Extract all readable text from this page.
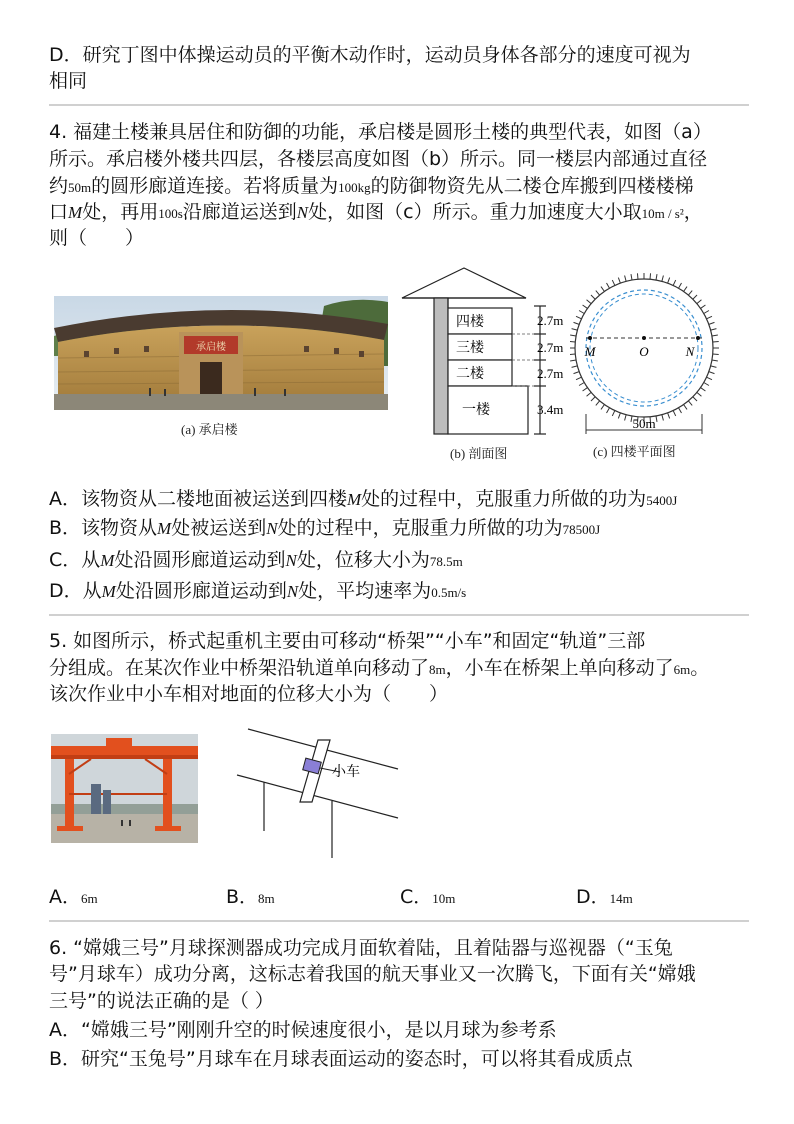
D．研究丁图中体操运动员的平衡木动作时，运动员身体各部分的速度可视为
相同
4. 福建土楼兼具居住和防御的功能，承启楼是圆形土楼的典型代表，如图（a）
所示。承启楼外楼共四层，各楼层高度如图（b）所示。同一楼层内部通过直径
约50m的圆形廊道连接。若将质量为100kg的防御物资先从二楼仓库搬到四楼楼梯
口M处，再用100s沿廊道运送到N处，如图（c）所示。重力加速度大小取10m / s²，
则（　　）
承启楼
(a) 承启楼
四楼
三楼
二楼
一楼
2.7m
2.7m
2.7m
3.4m
(b) 剖面图
M	O	N
50m
(c) 四楼平面图
A．该物资从二楼地面被运送到四楼M处的过程中，克服重力所做的功为5400J
B．该物资从M处被运送到N处的过程中，克服重力所做的功为78500J
C．从M处沿圆形廊道运动到N处，位移大小为78.5m
D．从M处沿圆形廊道运动到N处，平均速率为0.5m/s
5. 如图所示，桥式起重机主要由可移动“桥架”“小车”和固定“轨道”三部
分组成。在某次作业中桥架沿轨道单向移动了8m，小车在桥架上单向移动了6m。
该次作业中小车相对地面的位移大小为（　　）
小车
A．6m	B．8m	C．10m	D．14m
6. “嫦娥三号”月球探测器成功完成月面软着陆，且着陆器与巡视器（“玉兔
号”月球车）成功分离，这标志着我国的航天事业又一次腾飞，下面有关“嫦娥
三号”的说法正确的是（ ）
A．“嫦娥三号”刚刚升空的时候速度很小，是以月球为参考系
B．研究“玉兔号”月球车在月球表面运动的姿态时，可以将其看成质点
